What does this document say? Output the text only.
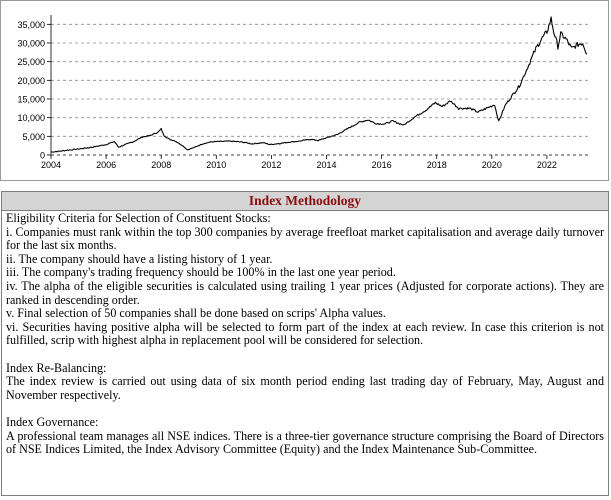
0
5,000
10,000
15,000
20,000
25,000
30,000
35,000
2004	2006	2008	2010	2012	2014	2016	2018	2020	2022
Index Methodology

Eligibility Criteria for Selection of Constituent Stocks:

i. Companies must rank within the top 300 companies by average freefloat market capitalisation and average daily turnover for the last six months.

ii. The company should have a listing history of 1 year.

iii. The company's trading frequency should be 100% in the last one year period.

iv. The alpha of the eligible securities is calculated using trailing 1 year prices (Adjusted for corporate actions). They are ranked in descending order.

v. Final selection of 50 companies shall be done based on scrips' Alpha values.

vi. Securities having positive alpha will be selected to form part of the index at each review. In case this criterion is not fulfilled, scrip with highest alpha in replacement pool will be considered for selection.

Index Re-Balancing:

The index review is carried out using data of six month period ending last trading day of February, May, August and November respectively.

Index Governance:

A professional team manages all NSE indices. There is a three-tier governance structure comprising the Board of Directors of NSE Indices Limited, the Index Advisory Committee (Equity) and the Index Maintenance Sub-Committee.
